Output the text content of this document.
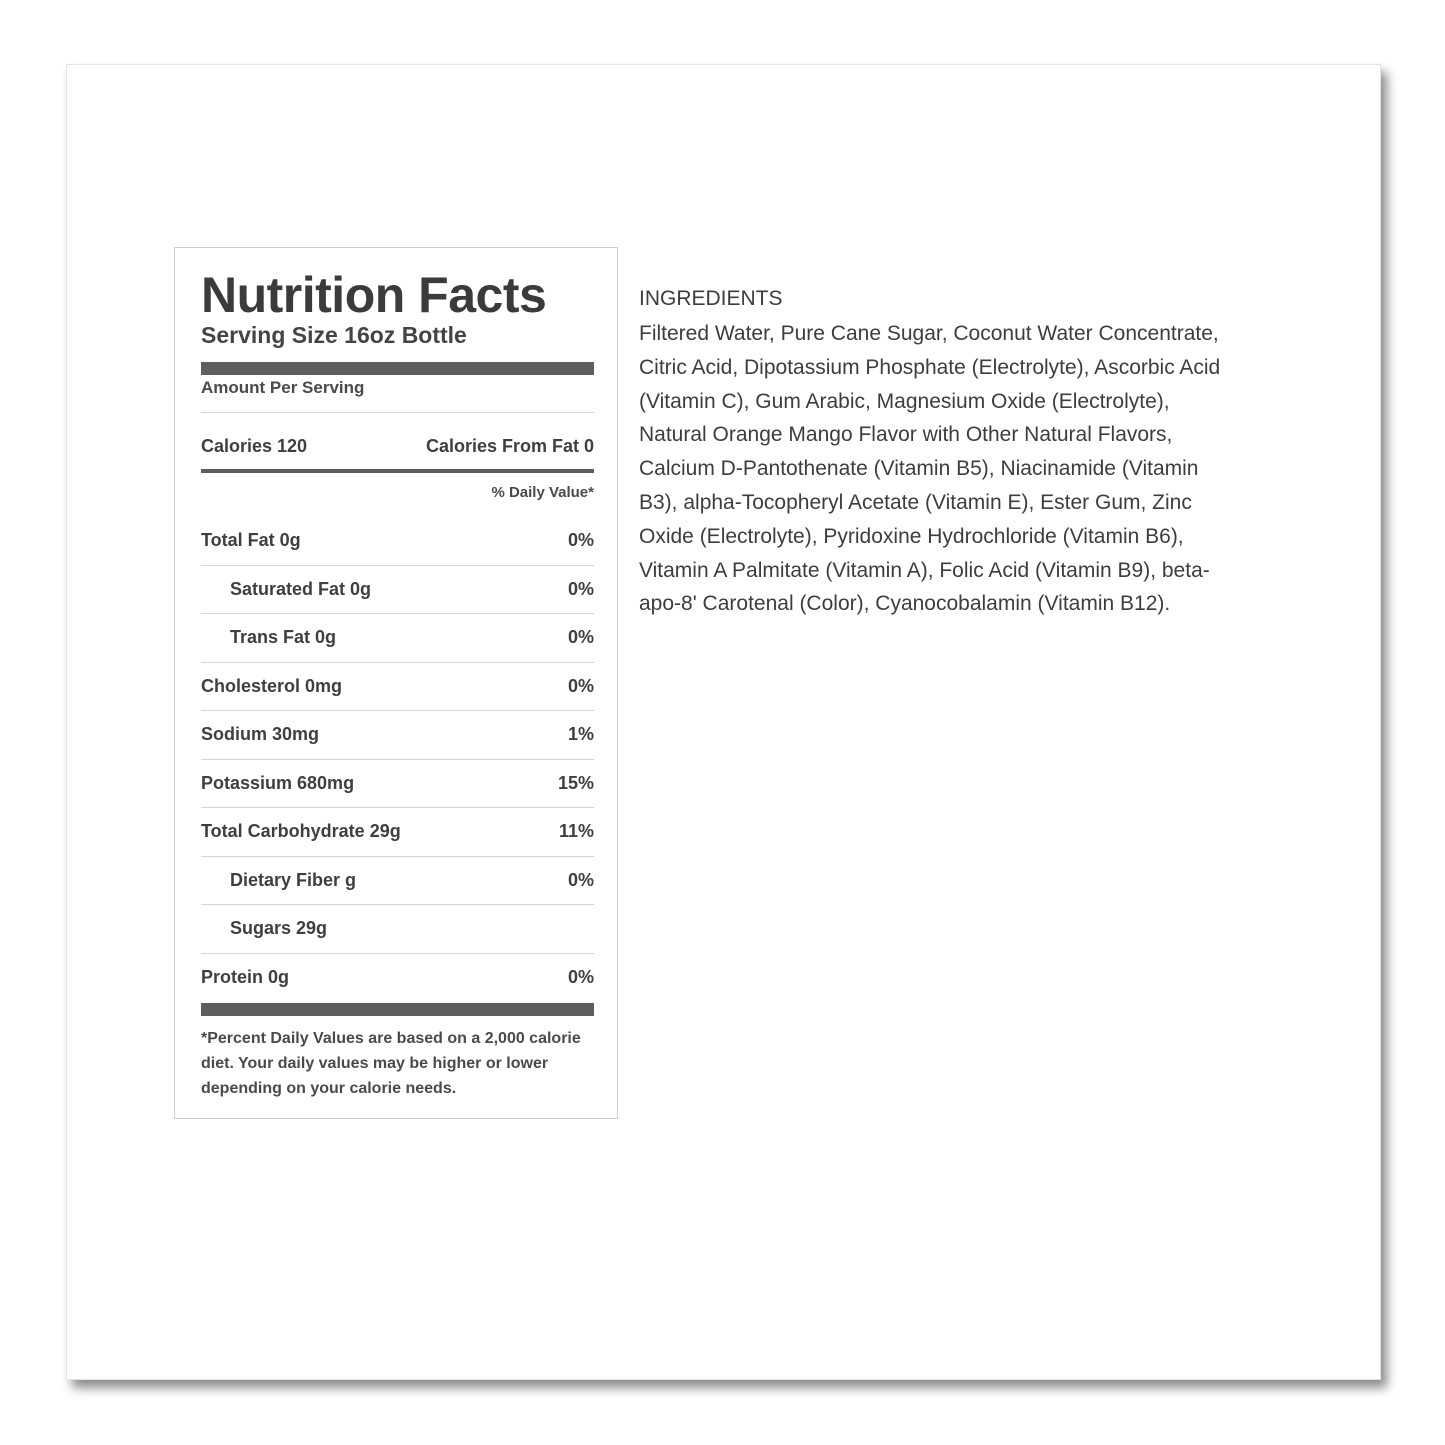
Nutrition Facts
Serving Size 16oz Bottle
Amount Per Serving
Calories 120	Calories From Fat 0
% Daily Value*
Total Fat 0g	0%
Saturated Fat 0g	0%
Trans Fat 0g	0%
Cholesterol 0mg	0%
Sodium 30mg	1%
Potassium 680mg	15%
Total Carbohydrate 29g	11%
Dietary Fiber g	0%
Sugars 29g
Protein 0g	0%
*Percent Daily Values are based on a 2,000 calorie diet. Your daily values may be higher or lower depending on your calorie needs.
INGREDIENTS
Filtered Water, Pure Cane Sugar, Coconut Water Concentrate,
Citric Acid, Dipotassium Phosphate (Electrolyte), Ascorbic Acid
(Vitamin C), Gum Arabic, Magnesium Oxide (Electrolyte),
Natural Orange Mango Flavor with Other Natural Flavors,
Calcium D-Pantothenate (Vitamin B5), Niacinamide (Vitamin
B3), alpha-Tocopheryl Acetate (Vitamin E), Ester Gum, Zinc
Oxide (Electrolyte), Pyridoxine Hydrochloride (Vitamin B6),
Vitamin A Palmitate (Vitamin A), Folic Acid (Vitamin B9), beta-
apo-8' Carotenal (Color), Cyanocobalamin (Vitamin B12).
